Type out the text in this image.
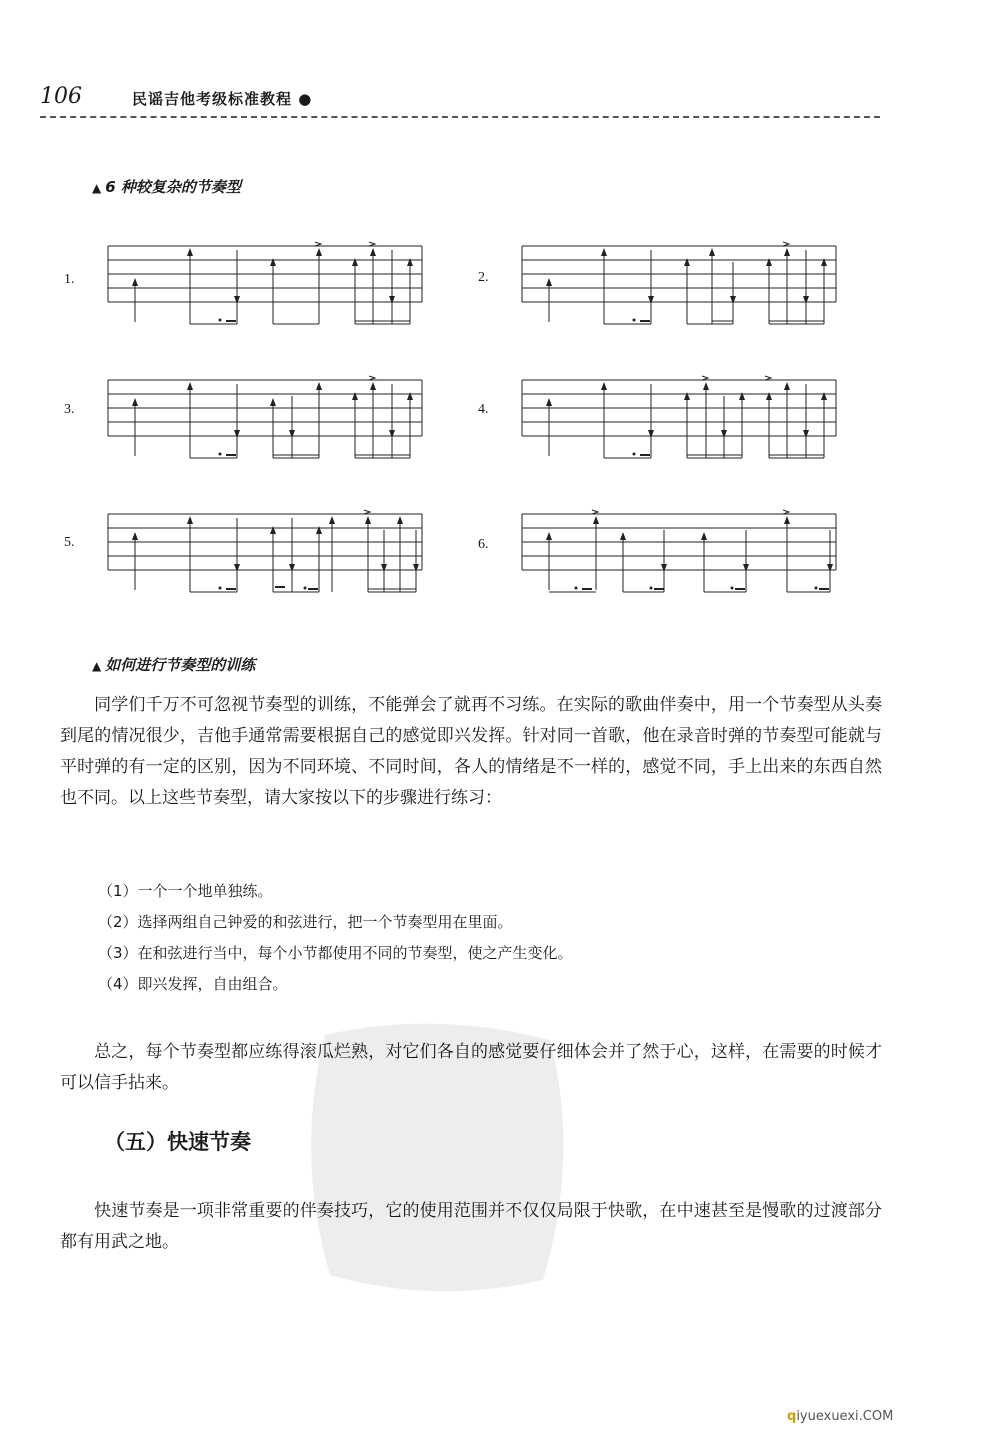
106	民谣吉他考级标准教程 ●
▲ 6 种较复杂的节奏型
1.	2.
3.	4.
5.	6.
▲ 如何进行节奏型的训练

同学们千万不可忽视节奏型的训练，不能弹会了就再不习练。在实际的歌曲伴奏中，用一个节奏型从头奏到尾的情况很少，吉他手通常需要根据自己的感觉即兴发挥。针对同一首歌，他在录音时弹的节奏型可能就与平时弹的有一定的区别，因为不同环境、不同时间，各人的情绪是不一样的，感觉不同，手上出来的东西自然也不同。以上这些节奏型，请大家按以下的步骤进行练习：

（1）一个一个地单独练。
（2）选择两组自己钟爱的和弦进行，把一个节奏型用在里面。
（3）在和弦进行当中，每个小节都使用不同的节奏型，使之产生变化。
（4）即兴发挥，自由组合。

总之，每个节奏型都应练得滚瓜烂熟，对它们各自的感觉要仔细体会并了然于心，这样，在需要的时候才可以信手拈来。

（五）快速节奏

快速节奏是一项非常重要的伴奏技巧，它的使用范围并不仅仅局限于快歌，在中速甚至是慢歌的过渡部分都有用武之地。

qiyuexuexi.COM
